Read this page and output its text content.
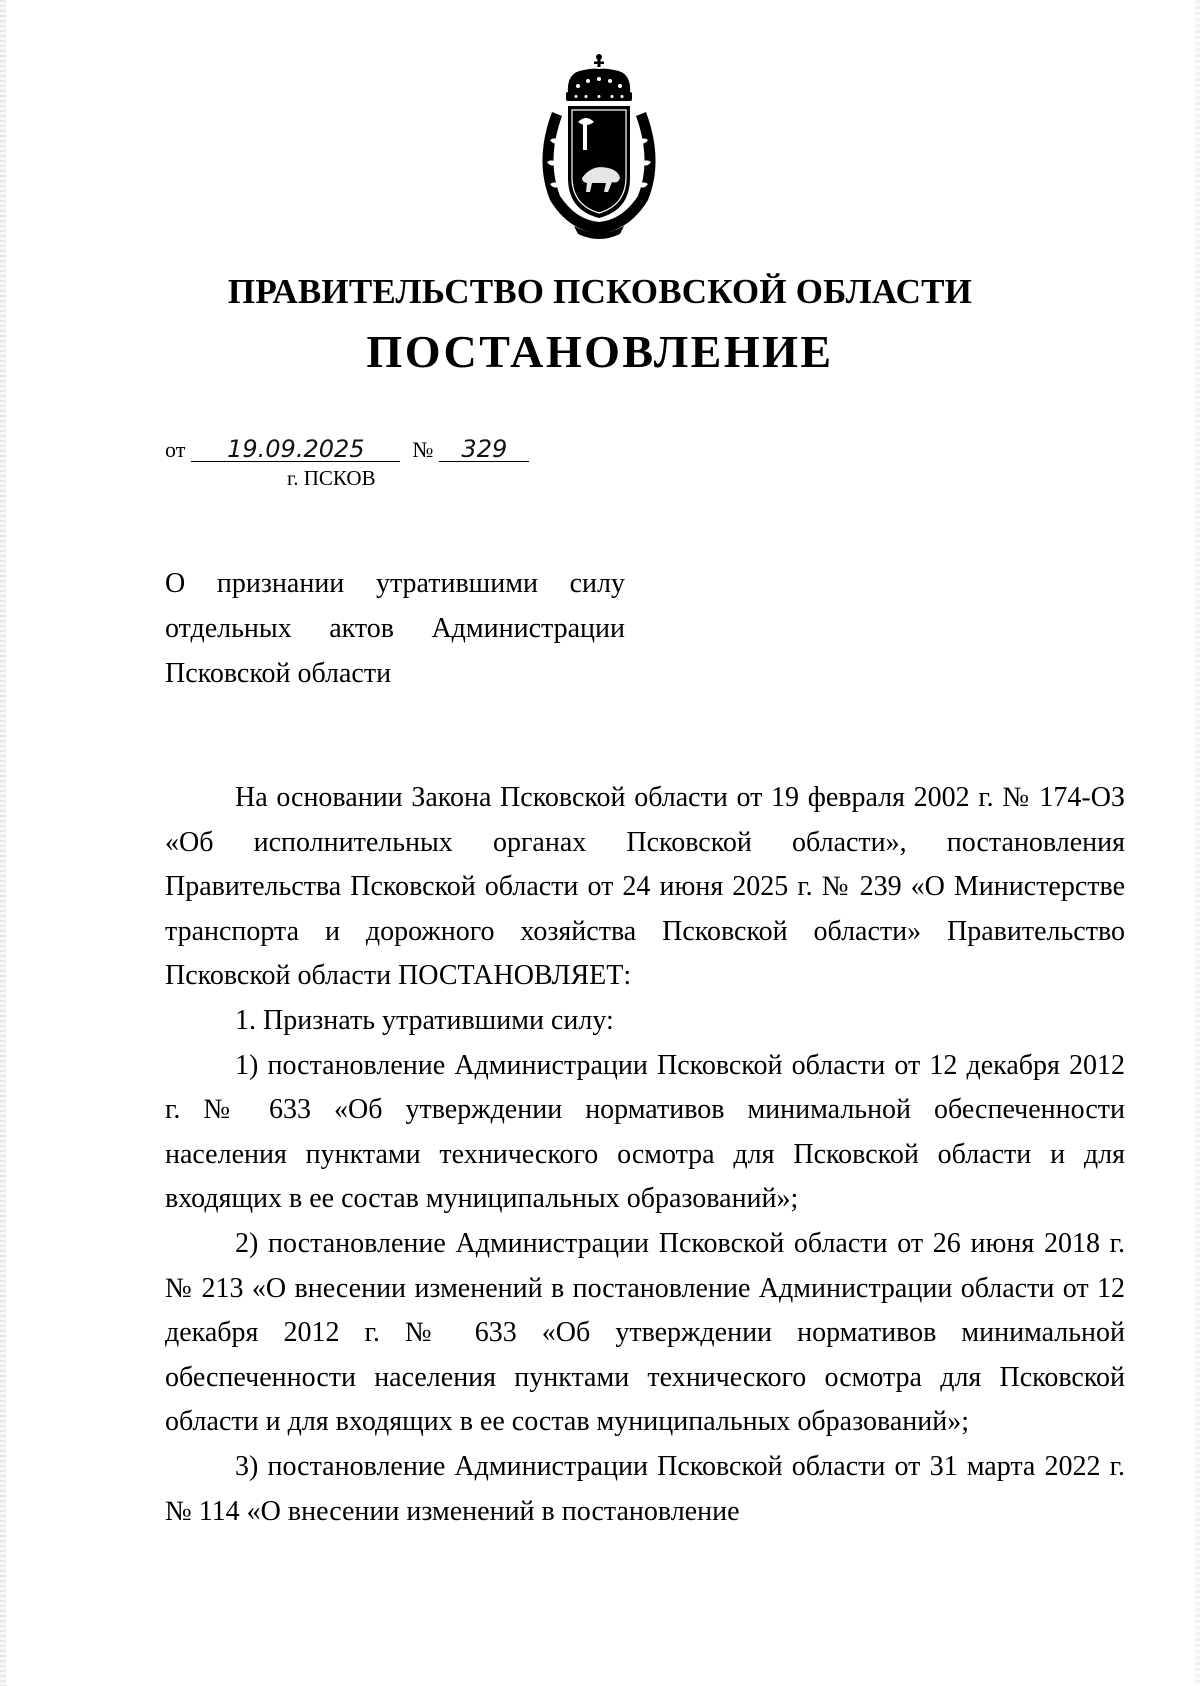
ПРАВИТЕЛЬСТВО ПСКОВСКОЙ ОБЛАСТИ
ПОСТАНОВЛЕНИЕ
от 19.09.2025 № 329
г. ПСКОВ
О признании утратившими силу
отдельных актов Администрации
Псковской области

На основании Закона Псковской области от 19 февраля 2002 г. № 174-ОЗ «Об исполнительных органах Псковской области», постановления Правительства Псковской области от 24 июня 2025 г. № 239 «О Министерстве транспорта и дорожного хозяйства Псковской области» Правительство Псковской области ПОСТАНОВЛЯЕТ:

1. Признать утратившими силу:

1) постановление Администрации Псковской области от 12 декабря 2012 г. № 633 «Об утверждении нормативов минимальной обеспеченности населения пунктами технического осмотра для Псковской области и для входящих в ее состав муниципальных образований»;

2) постановление Администрации Псковской области от 26 июня 2018 г. № 213 «О внесении изменений в постановление Администрации области от 12 декабря 2012 г. № 633 «Об утверждении нормативов минимальной обеспеченности населения пунктами технического осмотра для Псковской области и для входящих в ее состав муниципальных образований»;

3) постановление Администрации Псковской области от 31 марта 2022 г. № 114 «О внесении изменений в постановление
